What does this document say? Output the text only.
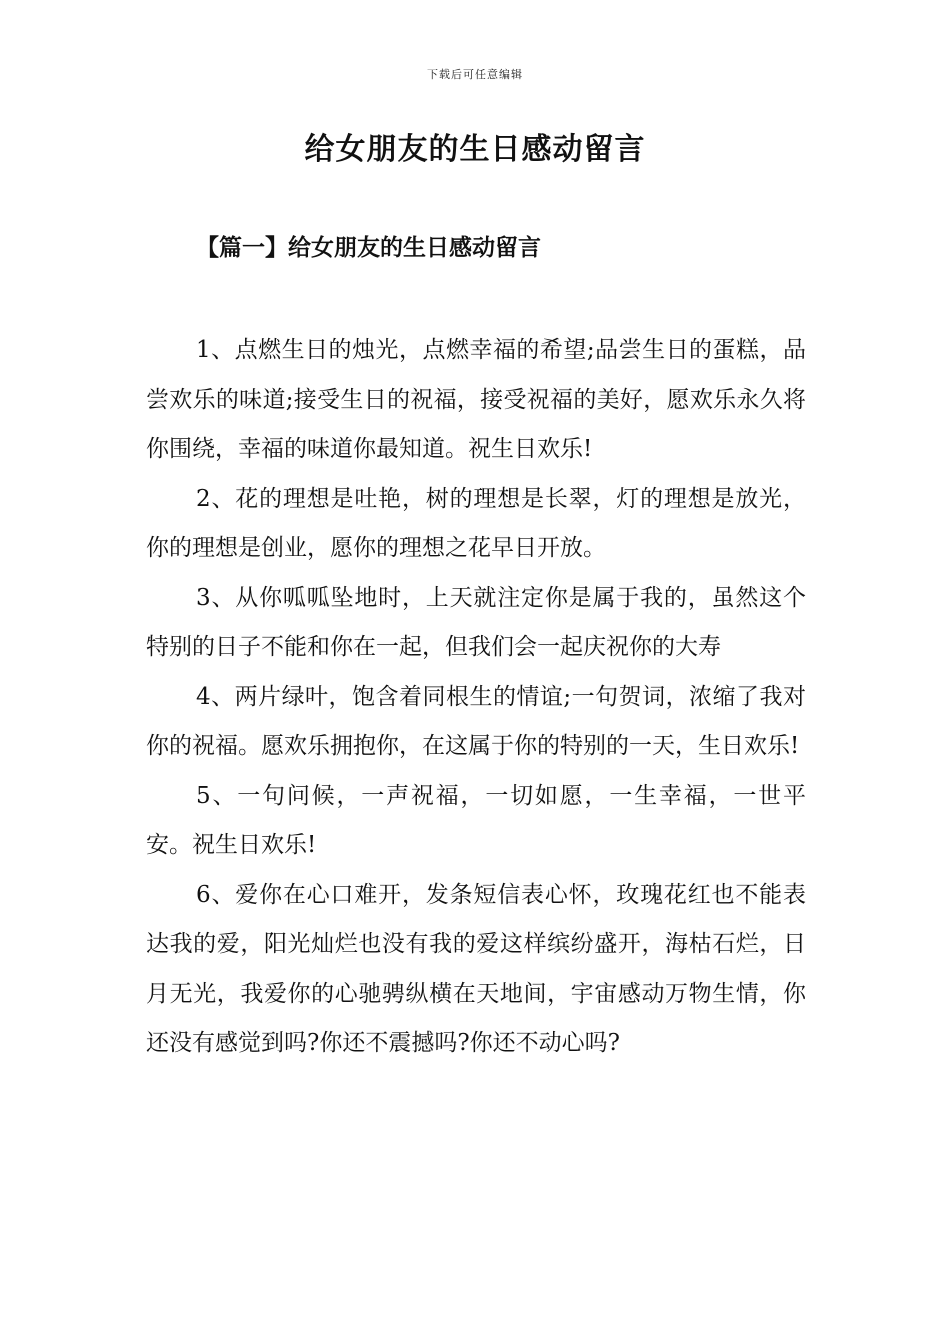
下载后可任意编辑
给女朋友的生日感动留言
【篇一】给女朋友的生日感动留言

1、点燃生日的烛光，点燃幸福的希望;品尝生日的蛋糕，品尝欢乐的味道;接受生日的祝福，接受祝福的美好，愿欢乐永久将你围绕，幸福的味道你最知道。祝生日欢乐!

2、花的理想是吐艳，树的理想是长翠，灯的理想是放光，你的理想是创业，愿你的理想之花早日开放。

3、从你呱呱坠地时，上天就注定你是属于我的，虽然这个特别的日子不能和你在一起，但我们会一起庆祝你的大寿

4、两片绿叶，饱含着同根生的情谊;一句贺词，浓缩了我对你的祝福。愿欢乐拥抱你，在这属于你的特别的一天，生日欢乐!

5、一句问候，一声祝福，一切如愿，一生幸福，一世平安。祝生日欢乐!

6、爱你在心口难开，发条短信表心怀，玫瑰花红也不能表达我的爱，阳光灿烂也没有我的爱这样缤纷盛开，海枯石烂，日月无光，我爱你的心驰骋纵横在天地间，宇宙感动万物生情，你还没有感觉到吗?你还不震撼吗?你还不动心吗?
